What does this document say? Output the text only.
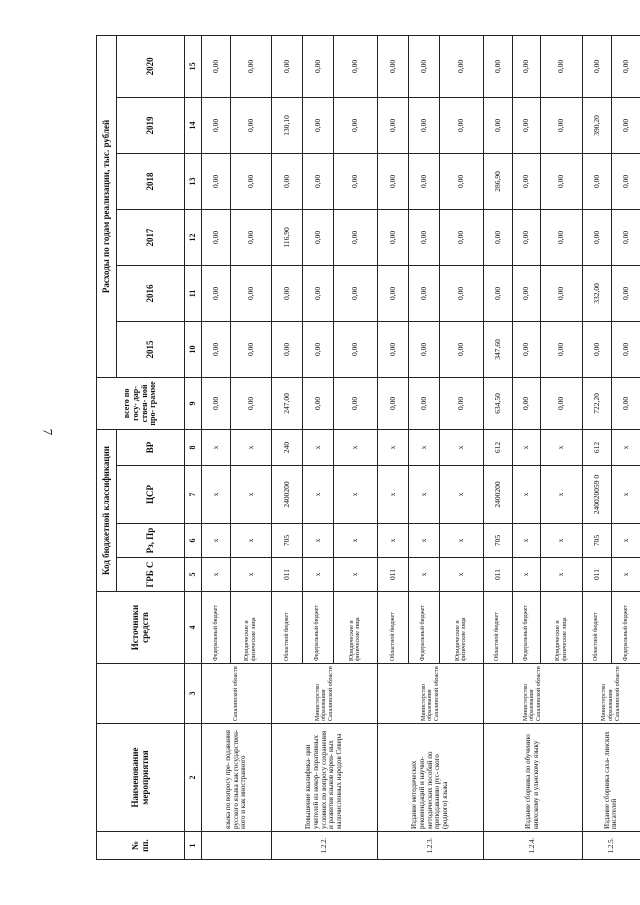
7
№ пп.	Наименование мероприятия		Источники средств	Код бюджетной классификации				всего по госу- дар- ствен- ной про- грамме	Расходы по годам реализации, тыс. рублей					
				ГРБ С	Рз, Пр	ЦСР	ВР		2015	2016	2017	2018	2019	2020
1	2	3	4	5	6	7	8	9	10	11	12	13	14	15
	языка по вопросу пре- подавания русского языка как государствен- ного и как иностранного	Сахалинской области	Федеральный бюджет	х	х	х	х	0,00	0,00	0,00	0,00	0,00	0,00	0,00
			Юридические и физические лица	х	х	х	х	0,00	0,00	0,00	0,00	0,00	0,00	0,00
1.2.2.	Повышение квалифика- ции учителей из некор- поративных условиях по вопросу сохранения и развития языков корен- ных малочисленных народов Севера	Министерство образования Сахалинской области	Областной бюджет	011	705	2400200	240	247,00	0,00	0,00	116,90	0,00	130,10	0,00
			Федеральный бюджет	х	х	х	х	0,00	0,00	0,00	0,00	0,00	0,00	0,00
			Юридические и физические лица	х	х	х	х	0,00	0,00	0,00	0,00	0,00	0,00	0,00
1.2.3.	Издание методических рекомендаций и научно- методических пособий по преподаванию рус- ского (родного) языка	Министерство образования Сахалинской области	Областной бюджет	011	х	х	х	0,00	0,00	0,00	0,00	0,00	0,00	0,00
			Федеральный бюджет	х	х	х	х	0,00	0,00	0,00	0,00	0,00	0,00	0,00
			Юридические и физические лица	х	х	х	х	0,00	0,00	0,00	0,00	0,00	0,00	0,00
1.2.4.	Издание сборника по обучению нивхскому и ульчскому языку	Министерство образования Сахалинской области	Областной бюджет	011	705	2400200	612	634,50	347,60	0,00	0,00	286,90	0,00	0,00
			Федеральный бюджет	х	х	х	х	0,00	0,00	0,00	0,00	0,00	0,00	0,00
			Юридические и физические лица	х	х	х	х	0,00	0,00	0,00	0,00	0,00	0,00	0,00
1.2.5.	Издание сборника саха- линских писателей	Министерство образования Сахалинской области	Областной бюджет	011	705	240020059 0	612	722,20	0,00	332,00	0,00	0,00	390,20	0,00
			Федеральный бюджет	х	х	х	х	0,00	0,00	0,00	0,00	0,00	0,00	0,00
